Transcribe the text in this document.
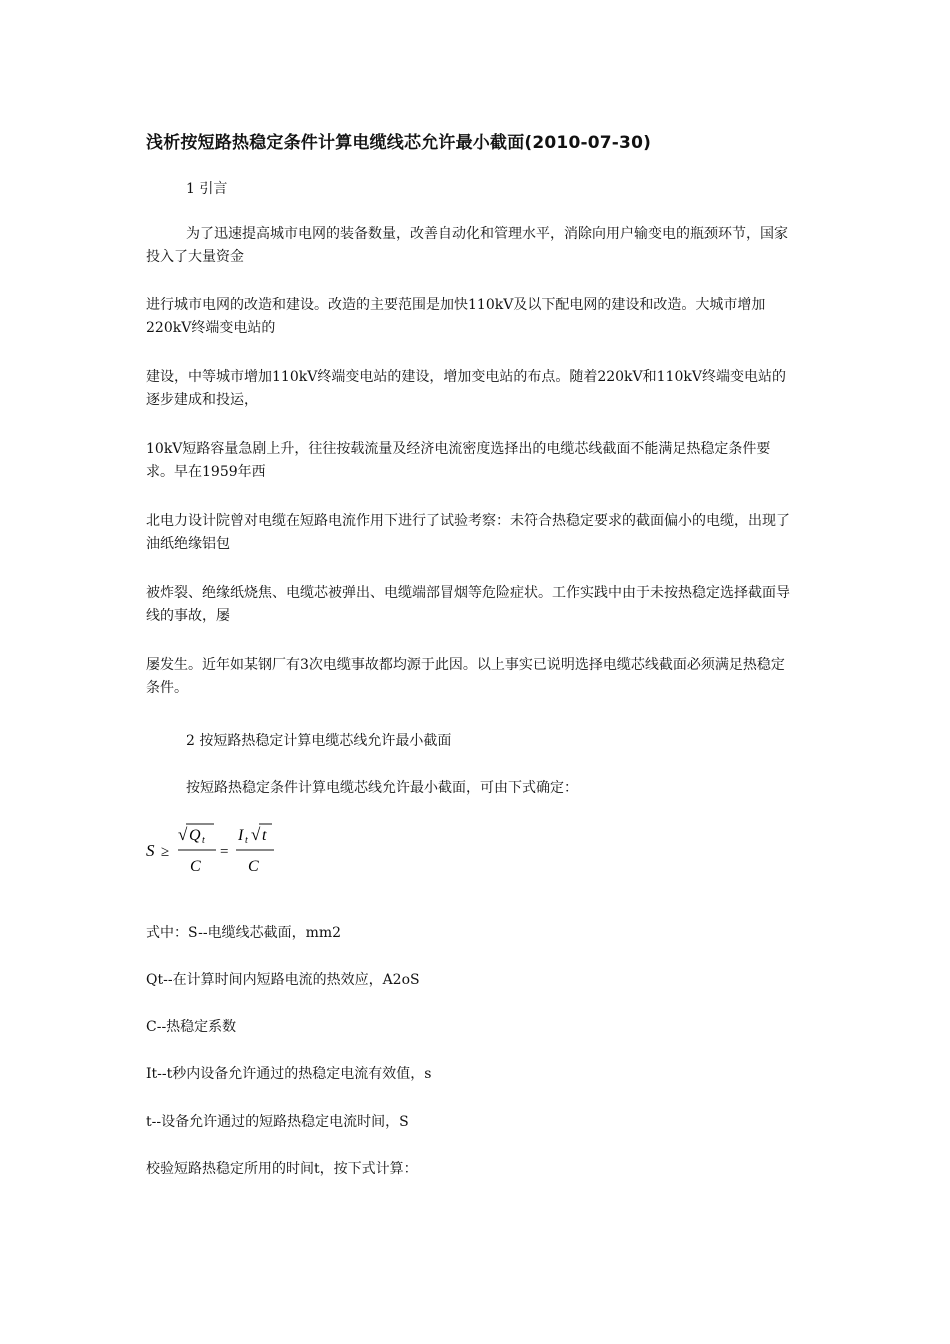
浅析按短路热稳定条件计算电缆线芯允许最小截面(2010-07-30)
1 引言
为了迅速提高城市电网的装备数量，改善自动化和管理水平，消除向用户输变电的瓶颈环节，国家投入了大量资金
进行城市电网的改造和建设。改造的主要范围是加快110kV及以下配电网的建设和改造。大城市增加220kV终端变电站的
建设，中等城市增加110kV终端变电站的建设，增加变电站的布点。随着220kV和110kV终端变电站的逐步建成和投运，
10kV短路容量急剧上升，往往按载流量及经济电流密度选择出的电缆芯线截面不能满足热稳定条件要求。早在1959年西
北电力设计院曾对电缆在短路电流作用下进行了试验考察：未符合热稳定要求的截面偏小的电缆，出现了油纸绝缘铝包
被炸裂、绝缘纸烧焦、电缆芯被弹出、电缆端部冒烟等危险症状。工作实践中由于未按热稳定选择截面导线的事故，屡
屡发生。近年如某钢厂有3次电缆事故都均源于此因。以上事实已说明选择电缆芯线截面必须满足热稳定条件。
2 按短路热稳定计算电缆芯线允许最小截面
按短路热稳定条件计算电缆芯线允许最小截面，可由下式确定：
S ≥
√ Q t
C
=
I t √ t
C
式中：S--电缆线芯截面，mm2
Qt--在计算时间内短路电流的热效应，A2oS
C--热稳定系数
It--t秒内设备允许通过的热稳定电流有效值，s
t--设备允许通过的短路热稳定电流时间，S
校验短路热稳定所用的时间t，按下式计算：
